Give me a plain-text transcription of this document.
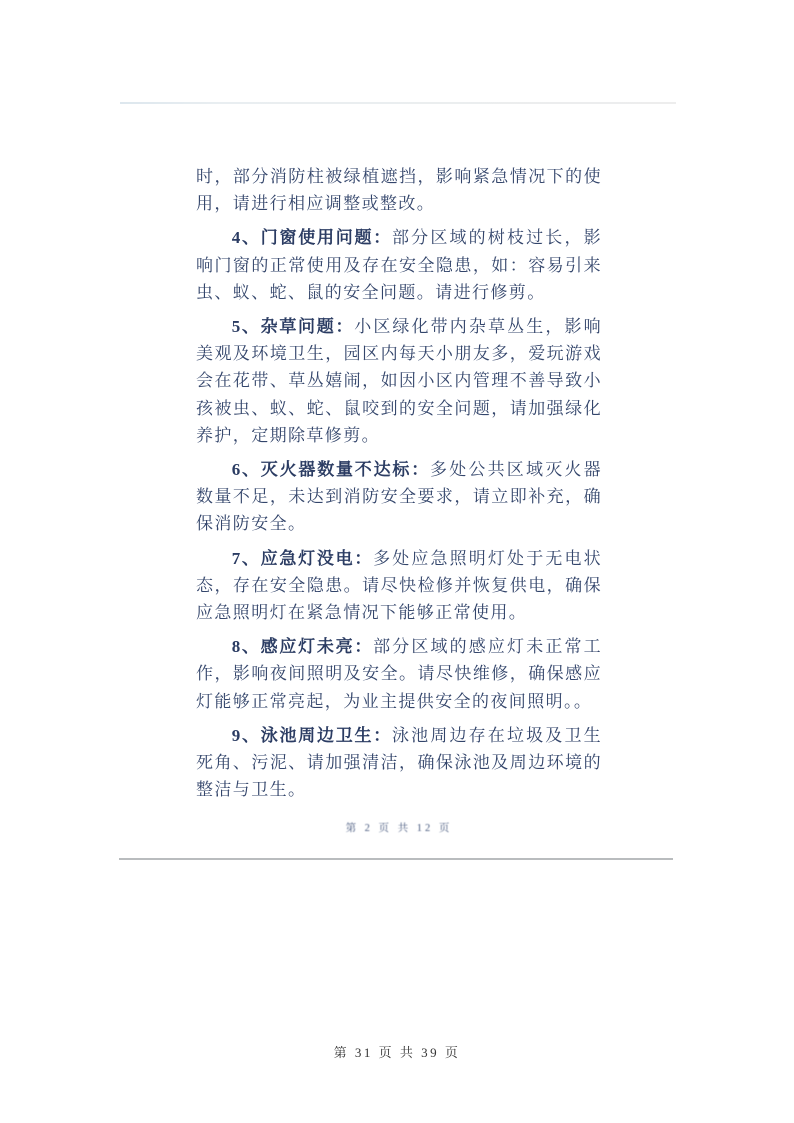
时，部分消防柱被绿植遮挡，影响紧急情况下的使用，请进行相应调整或整改。

4、门窗使用问题：部分区域的树枝过长，影响门窗的正常使用及存在安全隐患，如：容易引来虫、蚁、蛇、鼠的安全问题。请进行修剪。

5、杂草问题：小区绿化带内杂草丛生，影响美观及环境卫生，园区内每天小朋友多，爱玩游戏会在花带、草丛嬉闹，如因小区内管理不善导致小孩被虫、蚁、蛇、鼠咬到的安全问题，请加强绿化养护，定期除草修剪。

6、灭火器数量不达标：多处公共区域灭火器数量不足，未达到消防安全要求，请立即补充，确保消防安全。

7、应急灯没电：多处应急照明灯处于无电状态，存在安全隐患。请尽快检修并恢复供电，确保应急照明灯在紧急情况下能够正常使用。

8、感应灯未亮：部分区域的感应灯未正常工作，影响夜间照明及安全。请尽快维修，确保感应灯能够正常亮起，为业主提供安全的夜间照明。。

9、泳池周边卫生：泳池周边存在垃圾及卫生死角、污泥、请加强清洁，确保泳池及周边环境的整洁与卫生。

第 2 页 共 12 页
第 31 页 共 39 页
